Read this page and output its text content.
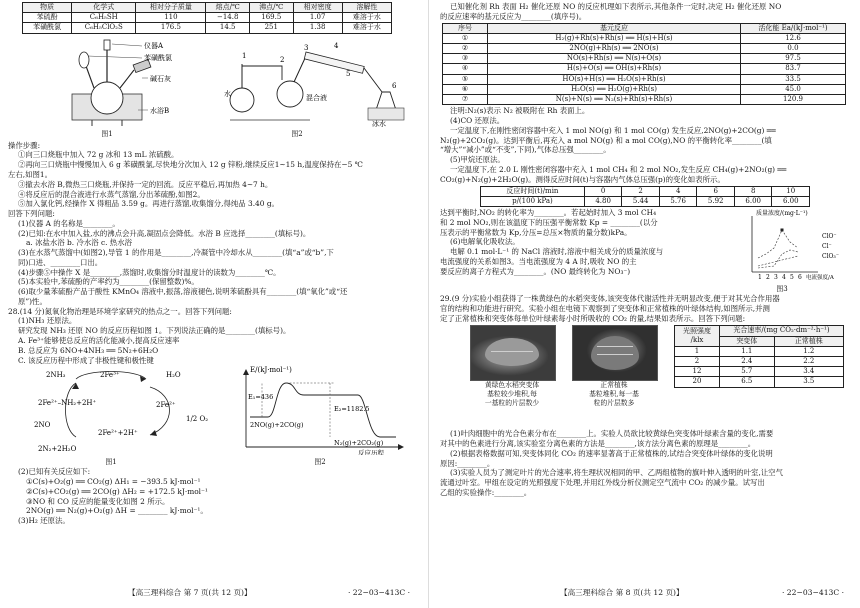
物质	化学式	相对分子质量	熔点/℃	沸点/℃	相对密度	溶解性
苯硫酚	C₆H₅SH	110	−14.8	169.5	1.07	难溶于水
苯磺酰氯	C₆H₅ClO₂S	176.5	14.5	251	1.38	难溶于水
仪器A
苯磺酰氯
碱石灰
水浴B
图1
1	2
3	4
5
6
水	混合液
冰水
图2

操作步骤:

①向三口烧瓶中加入 72 g 冰和 13 mL 浓硫酸。

②再向三口烧瓶中慢慢加入 6 g 苯磺酰氯,尽快地分次加入 12 g 锌粉,继续反应1~15 h,温度保持在−5 ℃

左右,如图1。

③撤去水浴 B,微热三口烧瓶,并保持一定的回流。反应平稳后,再加热 4~7 h。

④将反应后的混合液进行水蒸气蒸馏,分出苯硫酚,如图2。

⑤加入氯化钙,经操作 X 得粗品 3.59 g。再进行蒸馏,收集馏分,得纯品 3.40 g。

回答下列问题:

(1)仪器 A 的名称是________。

(2)已知:在水中加入盐,水的沸点会升高,凝固点会降低。水浴 B 应选择________(填标号)。

a. 冰盐水浴 b. 冷水浴 c. 热水浴

(3)在水蒸气蒸馏中(如图2),导管 1 的作用是________,冷凝管中冷却水从________(填“a”或“b”,下

同)口进、________口出。

(4)步骤⑤中操作 X 是________,蒸馏时,收集馏分时温度计的读数为________℃。

(5)本实验中,苯硫酚的产率约为________(保留整数)%。

(6)取少量苯硫酚产品于酸性 KMnO₄ 溶液中,振荡,溶液褪色,说明苯硫酚具有________(填“氧化”或“还

原”)性。

28.(14 分)氮氧化物治理是环境学家研究的热点之一。回答下列问题:

(1)NH₃ 还原法。

研究发现 NH₃ 还原 NO 的反应历程如图 1。下列说法正确的是________(填标号)。

A. Fe³⁺能够使总反应的活化能减小,提高反应速率

B. 总反应为 6NO+4NH₃ ══ 5N₂+6H₂O

C. 该反应历程中形成了非极性键和极性键

2NH₃	2Fe³⁺	H₂O
2Fe²⁺–NH₂+2H⁺	2Fe²⁺
1/2 O₂
2NO
2Fe²⁺+2H⁺
2N₂+2H₂O
图1
E/(kJ·mol⁻¹)
E₁=436
E₂=1182.5
2NO(g)+2CO(g)
N₂(g)+2CO₂(g)
反应历程
图2

(2)已知有关反应如下:

①C(s)+O₂(g) ══ CO₂(g) ΔH₁ = −393.5 kJ·mol⁻¹

②C(s)+CO₂(g) ══ 2CO(g) ΔH₂ = +172.5 kJ·mol⁻¹

③NO 和 CO 反应的能量变化如图 2 所示。

2NO(g) ══ N₂(g)+O₂(g) ΔH = ________ kJ·mol⁻¹。

(3)H₂ 还原法。

【高三理科综合 第 7 页(共 12 页)】	· 22−03−413C ·

已知催化剂 Rh 表面 H₂ 催化还原 NO 的反应机理如下表所示,其他条件一定时,决定 H₂ 催化还原 NO

的反应速率的基元反应为________(填序号)。

序号	基元反应	活化能 Ea/(kJ·mol⁻¹)
①	H₂(g)+Rh(s)+Rh(s) ══ H(s)+H(s)	12.6
②	2NO(g)+Rh(s) ══ 2NO(s)	0.0
③	NO(s)+Rh(s) ══ N(s)+O(s)	97.5
④	H(s)+O(s) ══ OH(s)+Rh(s)	83.7
⑤	HO(s)+H(s) ══ H₂O(s)+Rh(s)	33.5
⑥	H₂O(s) ══ H₂O(g)+Rh(s)	45.0
⑦	N(s)+N(s) ══ N₂(s)+Rh(s)+Rh(s)	120.9

注明:N₂(s)表示 N₂ 被吸附在 Rh 表面上。

(4)CO 还原法。

一定温度下,在刚性密闭容器中充入 1 mol NO(g) 和 1 mol CO(g) 发生反应,2NO(g)+2CO(g) ══

N₂(g)+2CO₂(g)。达到平衡后,再充入 a mol NO(g) 和 a mol CO(g),NO 的平衡转化率________(填

“增大”“减小”或“不变”,下同),气体总压强________。

(5)甲烷还原法。

一定温度下,在 2.0 L 刚性密闭容器中充入 1 mol CH₄ 和 2 mol NO₂,发生反应 CH₄(g)+2NO₂(g) ══

CO₂(g)+N₂(g)+2H₂O(g)。测得反应时间(t)与容器内气体总压强(p)的变化如表所示。

反应时间(t)/min	0	2	4	6	8	10
p/(100 kPa)	4.80	5.44	5.76	5.92	6.00	6.00

达到平衡时,NO₂ 的转化率为________。若起始时加入 3 mol CH₄

和 2 mol NO₂,则在该温度下的压强平衡常数 Kp = ________(以分

压表示的平衡常数为 Kp,分压=总压×物质的量分数)kPa。

(6)电解氧化吸收法。

电解 0.1 mol·L⁻¹ 的 NaCl 溶液时,溶液中相关成分的质量浓度与

电流强度的关系如图3。当电流强度为 4 A 时,吸收 NO 的主

要反应的离子方程式为________。(NO 最终转化为 NO₃⁻)

质量浓度/(mg·L⁻¹)
1 2 3 4 5 6 电流强度/A
ClO⁻
Cl⁻
ClO₃⁻
图3

29.(9 分)实验小组获得了一株黄绿色的水稻突变体,该突变体代谢活性并无明显改变,便于对其光合作用器

官的结构和功能进行研究。实验小组在电镜下观察到了突变体和正常植株的叶绿体结构,如图所示,并测

定了正常植株和突变体每单位叶绿素每小时所吸收的 CO₂ 的量,结果如表所示。回答下列问题:

黄绿色水稻突变体
基粒较少堆积,每
一基粒的片层数少
正常植株
基粒堆积,每一基
粒的片层数多
光照强度 /klx	光合速率/(mg CO₂·dm⁻²·h⁻¹)	
	突变体	正常植株
1	1.1	1.2
2	2.4	2.2
12	5.7	3.4
20	6.5	3.5

(1)叶肉细胞中的光合色素分布在________上。实验人员欲比较黄绿色突变体叶绿素含量的变化,需要

对其中的色素进行分离,该实验室分离色素的方法是________,该方法分离色素的原理是________。

(2)根据表格数据可知,突变体同化 CO₂ 的速率显著高于正常植株的,试结合突变体叶绿体的变化说明

原因:________。

(3)实验人员为了测定叶片的光合速率,将生理状况相同的甲、乙两组植物的旗叶伸入透明的叶室,让空气

流通过叶室。甲组在设定的光照强度下处理,并用红外线分析仪测定空气流中 CO₂ 的减少量。试写出

乙组的实验操作:________。

【高三理科综合 第 8 页(共 12 页)】	· 22−03−413C ·
